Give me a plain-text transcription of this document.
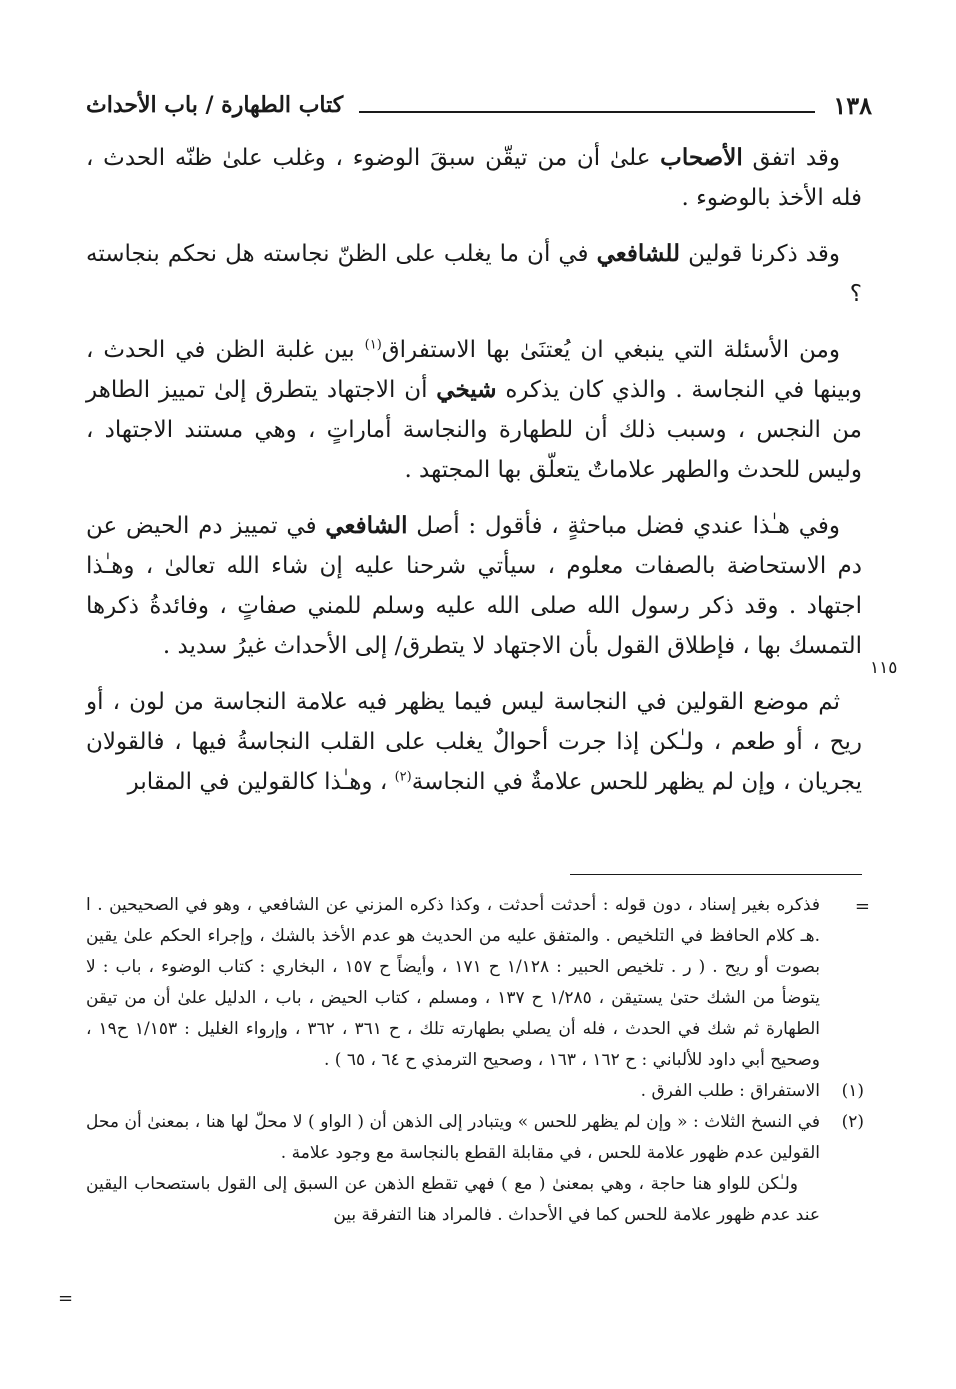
١٣٨
كتاب الطهارة / باب الأحداث

وقد اتفق الأصحاب علىٰ أن من تيقّن سبقَ الوضوء ، وغلب علىٰ ظنّه الحدث ، فله الأخذ بالوضوء .

وقد ذكرنا قولين للشافعي في أن ما يغلب على الظنّ نجاسته هل نحكم بنجاسته ؟

ومن الأسئلة التي ينبغي ان يُعتنَىٰ بها الاستفراق$^{(١)}$ بين غلبة الظن في الحدث ، وبينها في النجاسة . والذي كان يذكره شيخي أن الاجتهاد يتطرق إلىٰ تمييز الطاهر من النجس ، وسبب ذلك أن للطهارة والنجاسة أماراتٍ ، وهي مستند الاجتهاد ، وليس للحدث والطهر علاماتٌ يتعلّق بها المجتهد .

وفي هـٰذا عندي فضل مباحثةٍ ، فأقول : أصل الشافعي في تمييز دم الحيض عن دم الاستحاضة بالصفات معلوم ، سيأتي شرحنا عليه إن شاء الله تعالىٰ ، وهـٰذا اجتهاد . وقد ذكر رسول الله صلى الله عليه وسلم للمني صفاتٍ ، وفائدةُ ذكرها التمسك بها ، فإطلاق القول بأن الاجتهاد لا يتطرق/ إلى الأحداث غيرُ سديد .

ثم موضع القولين في النجاسة ليس فيما يظهر فيه علامة النجاسة من لون ، أو ريح ، أو طعم ، ولـٰكن إذا جرت أحوالٌ يغلب على القلب النجاسةُ فيها ، فالقولان يجريان ، وإن لم يظهر للحس علامةٌ في النجاسة$^{(٢)}$ ، وهـٰذا كالقولين في المقابر

١١٥
=
فذكره بغير إسناد ، دون قوله : أحدثت أحدثت ، وكذا ذكره المزني عن الشافعي ، وهو في الصحيحين . ا .هـ كلام الحافظ في التلخيص . والمتفق عليه من الحديث هو عدم الأخذ بالشك ، وإجراء الحكم علىٰ يقين بصوت أو ريح . ( ر . تلخيص الحبير : ١/١٢٨ ح ١٧١ ، وأيضاً ح ١٥٧ ، البخاري : كتاب الوضوء ، باب : لا يتوضأ من الشك حتىٰ يستيقن ، ١/٢٨٥ ح ١٣٧ ، ومسلم ، كتاب الحيض ، باب ، الدليل علىٰ أن من تيقن الطهارة ثم شك في الحدث ، فله أن يصلي بطهارته تلك ، ح ٣٦١ ، ٣٦٢ ، وإرواء الغليل : ١/١٥٣ ح١٩ ، وصحيح أبي داود للألباني : ح ١٦٢ ، ١٦٣ ، وصحيح الترمذي ح ٦٤ ، ٦٥ ) .
(١)
الاستفراق : طلب الفرق .
(٢)

في النسخ الثلاث : « وإن لم يظهر للحس » ويتبادر إلى الذهن أن ( الواو ) لا محلّ لها هنا ، بمعنىٰ أن محل القولين عدم ظهور علامة للحس ، في مقابلة القطع بالنجاسة مع وجود علامة .

ولـٰكن للواو هنا حاجة ، وهي بمعنىٰ ( مع ) فهي تقطع الذهن عن السبق إلى القول باستصحاب اليقين عند عدم ظهور علامة للحس كما في الأحداث . فالمراد هنا التفرقة بين

=
